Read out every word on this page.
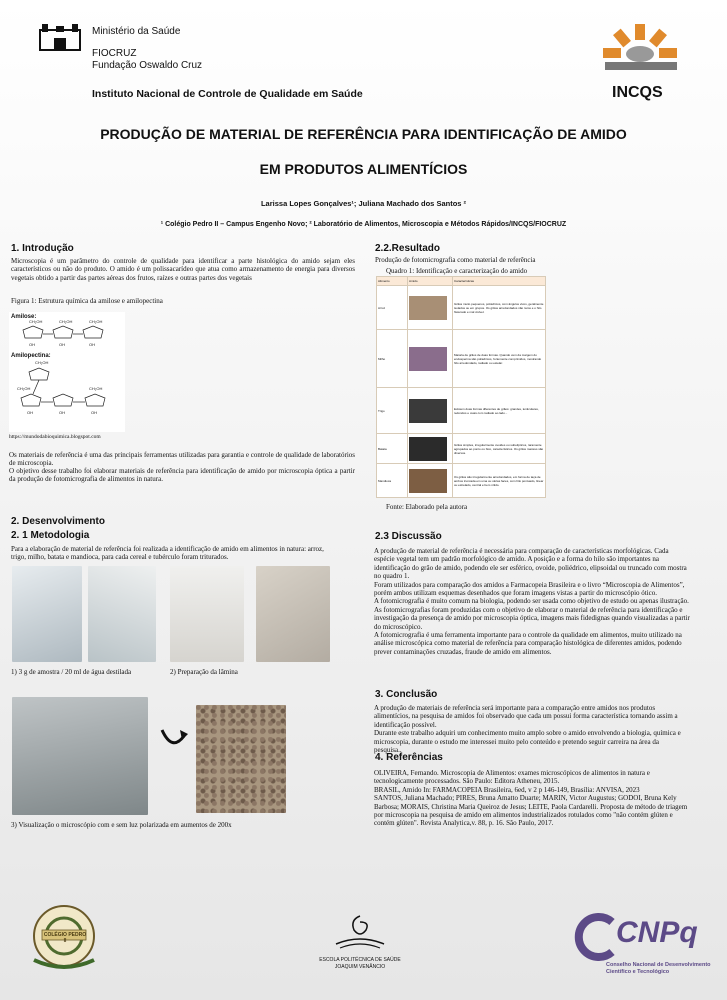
Ministério da Saúde
FIOCRUZ
Fundação Oswaldo Cruz
Instituto Nacional de Controle de Qualidade em Saúde	INCQS
PRODUÇÃO DE MATERIAL DE REFERÊNCIA PARA IDENTIFICAÇÃO DE AMIDO
EM PRODUTOS ALIMENTÍCIOS
Larissa Lopes Gonçalves¹; Juliana Machado dos Santos ²
¹ Colégio Pedro II – Campus Engenho Novo; ² Laboratório de Alimentos, Microscopia e Métodos Rápidos/INCQS/FIOCRUZ
1. Introdução
Microscopia é um parâmetro do controle de qualidade para identificar a parte histológica do amido sejam eles característicos ou não do produto. O amido é um polissacarídeo que atua como armazenamento de energia para diversos vegetais obtido a partir das partes aéreas dos frutos, raízes e outras partes dos vegetais
Figura 1: Estrutura química da amilose e amilopectina
Amilose:
Amilopectina:
CH₂OH	CH₂OH	CH₂OH
CH₂OH
CH₂OH	CH₂OH
OH	OH	OH
OH	OH	OH
https://mundodabioquimica.blogspot.com
Os materiais de referência é uma das principais ferramentas utilizadas para garantia e controle de qualidade de laboratórios de microscopia.
O objetivo desse trabalho foi elaborar materiais de referência para identificação de amido por microscopia óptica a partir da produção de fotomicrografia de alimentos in natura.
2. Desenvolvimento
2. 1 Metodologia
Para a elaboração de material de referência foi realizada a identificação de amido em alimentos in natura: arroz, trigo, milho, batata e mandioca, para cada cereal e tubérculo foram triturados.
1) 3 g de amostra / 20 ml de água destilada	2) Preparação da lâmina
3) Visualização o microscópio com e sem luz polarizada em aumentos de 200x
2.2.Resultado
Produção de fotomicrografia como material de referência
Quadro 1: Identificação e caracterização do amido
Alimento	Amido	Características
Arroz		Grãos muito pequenos, poliédricos, com ângulos vivos, geralmente isolados ou em grupos. Os grãos arredondados não raros e o hilo fissurado e mal visível.
Milho		Maioria de grãos de duas formas. Quando vem da margem do endosperma são poliédricos, fortemente comprimidos, mostrando hilo arredondado, radiado ou estelar.
Trigo		Existem duas formas diferentes de grãos: grandes, lenticulares, redondos e ovais com radiado ao lado...
Batata		Grãos simples, irregularmente ovoides ou subelípticos, raramente agrupados ao ponto ou bico, característicos. Os grãos maiores são diversos.
Mandioca		Os grãos são irregularmente arredondados, em forma de taça de ambos truncada em uma ou várias faces, com hilo pontuado, linear ou estrelado, central e bem nítido.
Fonte: Elaborado pela autora
2.3 Discussão
A produção de material de referência é necessária para comparação de características morfológicas. Cada espécie vegetal tem um padrão morfológico de amido. A posição e a forma do hilo são importantes na identificação do grão de amido, podendo ele ser esférico, ovoide, poliédrico, elipsoidal ou truncado com mostra no quadro 1.
Foram utilizados para comparação dos amidos a Farmacopeia Brasileira e o livro “Microscopia de Alimentos”, porém ambos utilizam esquemas desenhados que foram imagens vistas a partir do microscópio ótico.
A fotomicrografia é muito comum na biologia, podendo ser usada como objetivo de estudo ou apenas ilustração. As fotomicrografias foram produzidas com o objetivo de elaborar o material de referência para identificação e investigação da presença de amido por microscopia óptica, imagens mais fidedignas quando visualizadas a partir do microscópico.
A fotomicrografia é uma ferramenta importante para o controle da qualidade em alimentos, muito utilizado na análise microscópica como material de referência para comparação histológica de diferentes amidos, podendo prever contaminações cruzadas, fraude de amido em alimentos.
3. Conclusão
A produção de materiais de referência será importante para a comparação entre amidos nos produtos alimentícios, na pesquisa de amidos foi observado que cada um possui forma característica tornando assim a identificação possível.
Durante este trabalho adquiri um conhecimento muito amplo sobre o amido envolvendo a biologia, química e microscopia, durante o estudo me interessei muito pelo conteúdo e pretendo seguir carreira na área da pesquisa..
4. Referências
OLIVEIRA, Fernando. Microscopia de Alimentos: exames microscópicos de alimentos in natura e tecnologicamente processados. São Paulo: Editora Atheneu, 2015.
BRASIL, Amido In: FARMACOPEIA Brasileira, 6ed, v 2 p 146-149, Brasília: ANVISA, 2023
SANTOS, Juliana Machado; PIRES, Bruna Amatto Duarte; MARIN, Victor Augustus; GODOI, Bruna Kely Barbosa; MORAIS, Christina Maria Queiroz de Jesus; LEITE, Paola Cardarelli. Proposta de método de triagem por microscopia na pesquisa de amido em alimentos industrializados rotulados como "não contém glúten e contém glúten". Revista Analytica,v. 88, p. 16. São Paulo, 2017.
COLÉGIO PEDRO II
ESCOLA POLITÉCNICA DE SAÚDE
JOAQUIM VENÂNCIO
CNPq
Conselho Nacional de Desenvolvimento
Científico e Tecnológico
